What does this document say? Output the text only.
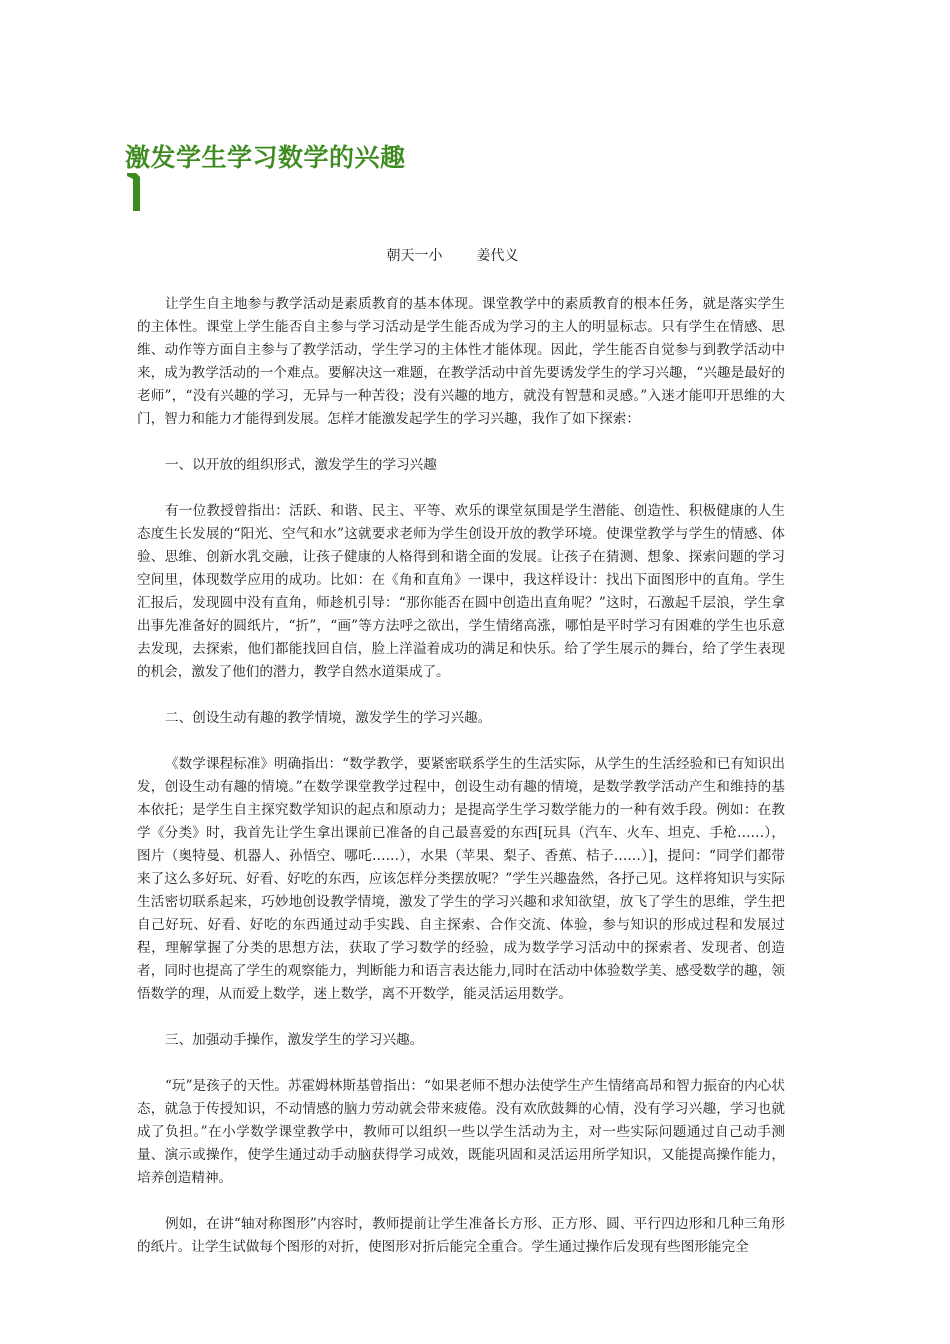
激发学生学习数学的兴趣
朝天一小 姜代义

让学生自主地参与教学活动是素质教育的基本体现。课堂教学中的素质教育的根本任务，就是落实学生的主体性。课堂上学生能否自主参与学习活动是学生能否成为学习的主人的明显标志。只有学生在情感、思维、动作等方面自主参与了教学活动，学生学习的主体性才能体现。因此，学生能否自觉参与到教学活动中来，成为教学活动的一个难点。要解决这一难题，在教学活动中首先要诱发学生的学习兴趣，“兴趣是最好的老师”，“没有兴趣的学习，无异与一种苦役；没有兴趣的地方，就没有智慧和灵感。”入迷才能叩开思维的大门，智力和能力才能得到发展。怎样才能激发起学生的学习兴趣，我作了如下探索：

一、以开放的组织形式，激发学生的学习兴趣

有一位教授曾指出：活跃、和谐、民主、平等、欢乐的课堂氛围是学生潜能、创造性、积极健康的人生态度生长发展的“阳光、空气和水”这就要求老师为学生创设开放的教学环境。使课堂教学与学生的情感、体验、思维、创新水乳交融，让孩子健康的人格得到和谐全面的发展。让孩子在猜测、想象、探索问题的学习空间里，体现数学应用的成功。比如：在《角和直角》一课中，我这样设计：找出下面图形中的直角。学生汇报后，发现圆中没有直角，师趁机引导：“那你能否在圆中创造出直角呢？”这时，石激起千层浪，学生拿出事先准备好的圆纸片，“折”，“画”等方法呼之欲出，学生情绪高涨，哪怕是平时学习有困难的学生也乐意去发现，去探索，他们都能找回自信，脸上洋溢着成功的满足和快乐。给了学生展示的舞台，给了学生表现的机会，激发了他们的潜力，教学自然水道渠成了。

二、创设生动有趣的教学情境，激发学生的学习兴趣。

《数学课程标准》明确指出：“数学教学，要紧密联系学生的生活实际，从学生的生活经验和已有知识出发，创设生动有趣的情境。”在数学课堂教学过程中，创设生动有趣的情境，是数学教学活动产生和维持的基本依托；是学生自主探究数学知识的起点和原动力；是提高学生学习数学能力的一种有效手段。例如：在教学《分类》时，我首先让学生拿出课前已准备的自己最喜爱的东西[玩具（汽车、火车、坦克、手枪……），图片（奥特曼、机器人、孙悟空、哪吒……），水果（苹果、梨子、香蕉、桔子……）]，提问：“同学们都带来了这么多好玩、好看、好吃的东西，应该怎样分类摆放呢？”学生兴趣盎然，各抒己见。这样将知识与实际生活密切联系起来，巧妙地创设教学情境，激发了学生的学习兴趣和求知欲望，放飞了学生的思维，学生把自己好玩、好看、好吃的东西通过动手实践、自主探索、合作交流、体验，参与知识的形成过程和发展过程，理解掌握了分类的思想方法，获取了学习数学的经验，成为数学学习活动中的探索者、发现者、创造者，同时也提高了学生的观察能力，判断能力和语言表达能力,同时在活动中体验数学美、感受数学的趣，领悟数学的理，从而爱上数学，迷上数学，离不开数学，能灵活运用数学。

三、加强动手操作，激发学生的学习兴趣。

“玩”是孩子的天性。苏霍姆林斯基曾指出：“如果老师不想办法使学生产生情绪高昂和智力振奋的内心状态，就急于传授知识，不动情感的脑力劳动就会带来疲倦。没有欢欣鼓舞的心情，没有学习兴趣，学习也就成了负担。”在小学数学课堂教学中，教师可以组织一些以学生活动为主，对一些实际问题通过自己动手测量、演示或操作，使学生通过动手动脑获得学习成效，既能巩固和灵活运用所学知识，又能提高操作能力，培养创造精神。

例如，在讲“轴对称图形”内容时，教师提前让学生准备长方形、正方形、圆、平行四边形和几种三角形的纸片。让学生试做每个图形的对折，使图形对折后能完全重合。学生通过操作后发现有些图形能完全
